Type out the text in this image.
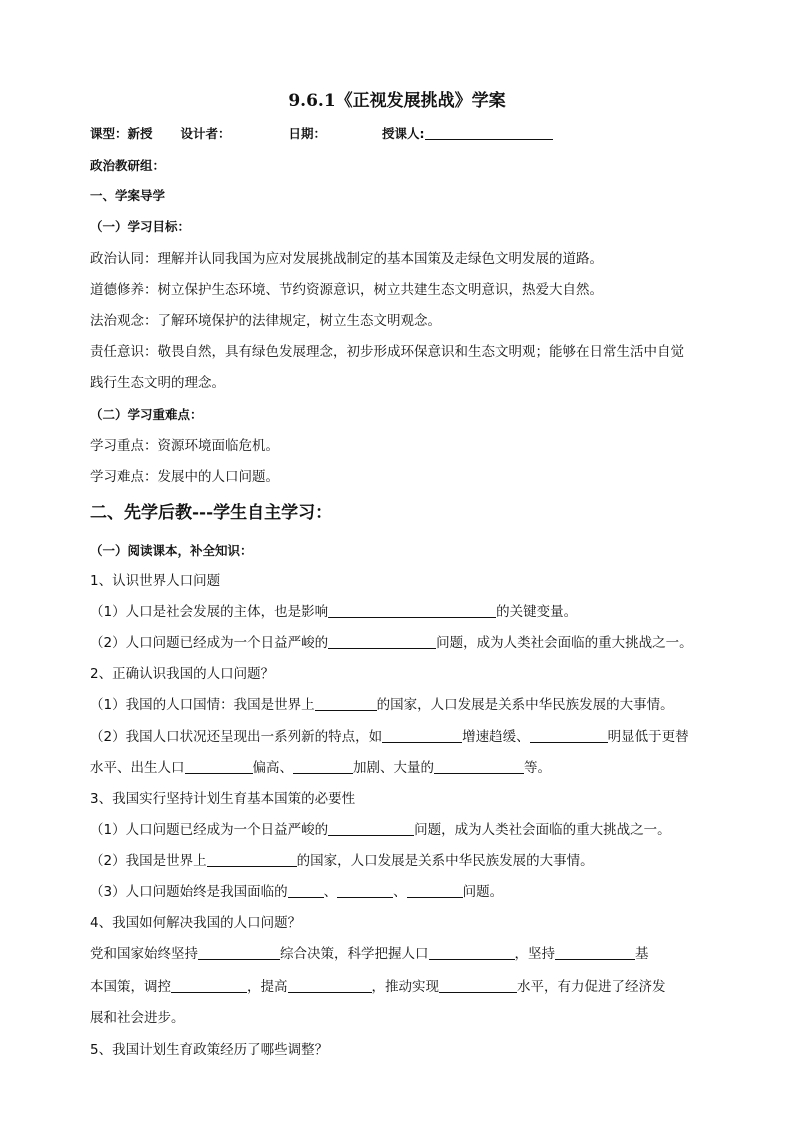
9.6.1《正视发展挑战》学案
课型：新授 设计者：	日期：	授课人:
政治教研组：
一、学案导学
（一）学习目标：
政治认同：理解并认同我国为应对发展挑战制定的基本国策及走绿色文明发展的道路。
道德修养：树立保护生态环境、节约资源意识，树立共建生态文明意识，热爱大自然。
法治观念：了解环境保护的法律规定，树立生态文明观念。
责任意识：敬畏自然，具有绿色发展理念，初步形成环保意识和生态文明观；能够在日常生活中自觉
践行生态文明的理念。
（二）学习重难点：
学习重点：资源环境面临危机。
学习难点：发展中的人口问题。
二、先学后教---学生自主学习：
（一）阅读课本，补全知识：
1、认识世界人口问题
（1）人口是社会发展的主体，也是影响	的关键变量。
（2）人口问题已经成为一个日益严峻的	问题，成为人类社会面临的重大挑战之一。
2、正确认识我国的人口问题？
（1）我国的人口国情：我国是世界上	的国家，人口发展是关系中华民族发展的大事情。
（2）我国人口状况还呈现出一系列新的特点，如	增速趋缓、	明显低于更替
水平、出生人口	偏高、	加剧、大量的	等。
3、我国实行坚持计划生育基本国策的必要性
（1）人口问题已经成为一个日益严峻的	问题，成为人类社会面临的重大挑战之一。
（2）我国是世界上	的国家，人口发展是关系中华民族发展的大事情。
（3）人口问题始终是我国面临的	、	、	问题。
4、我国如何解决我国的人口问题？
党和国家始终坚持	综合决策，科学把握人口	，坚持	基
本国策，调控	，提高	，推动实现	水平，有力促进了经济发
展和社会进步。
5、我国计划生育政策经历了哪些调整？
